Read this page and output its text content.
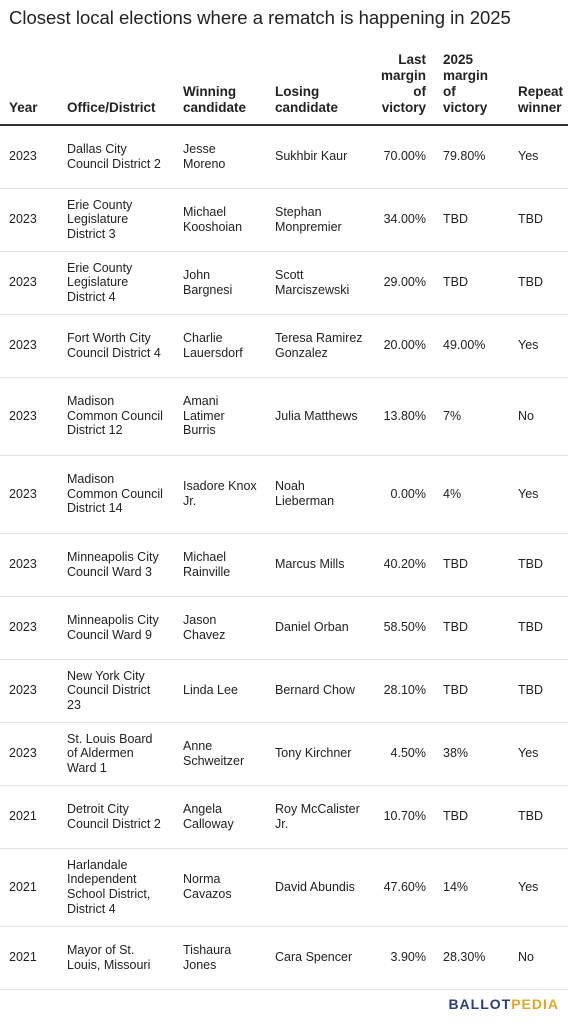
Closest local elections where a rematch is happening in 2025
Year	Office/District	Winning candidate	Losing candidate	Last margin of victory	2025 margin of victory	Repeat winner
2023	Dallas City Council District 2	Jesse Moreno	Sukhbir Kaur	70.00%	79.80%	Yes
2023	Erie County Legislature District 3	Michael Kooshoian	Stephan Monpremier	34.00%	TBD	TBD
2023	Erie County Legislature District 4	John Bargnesi	Scott Marciszewski	29.00%	TBD	TBD
2023	Fort Worth City Council District 4	Charlie Lauersdorf	Teresa Ramirez Gonzalez	20.00%	49.00%	Yes
2023	Madison Common Council District 12	Amani Latimer Burris	Julia Matthews	13.80%	7%	No
2023	Madison Common Council District 14	Isadore Knox Jr.	Noah Lieberman	0.00%	4%	Yes
2023	Minneapolis City Council Ward 3	Michael Rainville	Marcus Mills	40.20%	TBD	TBD
2023	Minneapolis City Council Ward 9	Jason Chavez	Daniel Orban	58.50%	TBD	TBD
2023	New York City Council District 23	Linda Lee	Bernard Chow	28.10%	TBD	TBD
2023	St. Louis Board of Aldermen Ward 1	Anne Schweitzer	Tony Kirchner	4.50%	38%	Yes
2021	Detroit City Council District 2	Angela Calloway	Roy McCalister Jr.	10.70%	TBD	TBD
2021	Harlandale Independent School District, District 4	Norma Cavazos	David Abundis	47.60%	14%	Yes
2021	Mayor of St. Louis, Missouri	Tishaura Jones	Cara Spencer	3.90%	28.30%	No
BALLOTPEDIA
